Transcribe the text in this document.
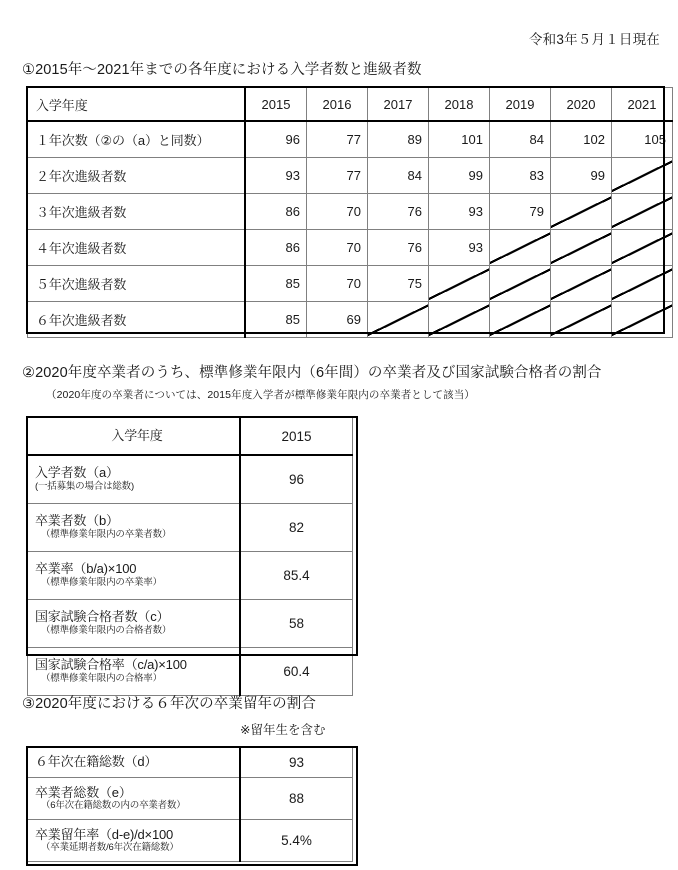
令和3年５月１日現在
①2015年〜2021年までの各年度における入学者数と進級者数
入学年度	2015	2016	2017	2018	2019	2020	2021
１年次数（②の（a）と同数）	96	77	89	101	84	102	105
２年次進級者数	93	77	84	99	83	99	
３年次進級者数	86	70	76	93	79		
４年次進級者数	86	70	76	93			
５年次進級者数	85	70	75				
６年次進級者数	85	69					
②2020年度卒業者のうち、標準修業年限内（6年間）の卒業者及び国家試験合格者の割合
（2020年度の卒業者については、2015年度入学者が標準修業年限内の卒業者として該当）
入学年度	2015
入学者数（a）
(一括募集の場合は総数)	96
卒業者数（b）
（標準修業年限内の卒業者数）	82
卒業率（b/a)×100
（標準修業年限内の卒業率）	85.4
国家試験合格者数（c）
（標準修業年限内の合格者数）	58
国家試験合格率（c/a)×100
（標準修業年限内の合格率）	60.4
③2020年度における６年次の卒業留年の割合
※留年生を含む
６年次在籍総数（d）	93
卒業者総数（e）
（6年次在籍総数の内の卒業者数）	88
卒業留年率（d-e)/d×100
（卒業延期者数/6年次在籍総数）	5.4%
